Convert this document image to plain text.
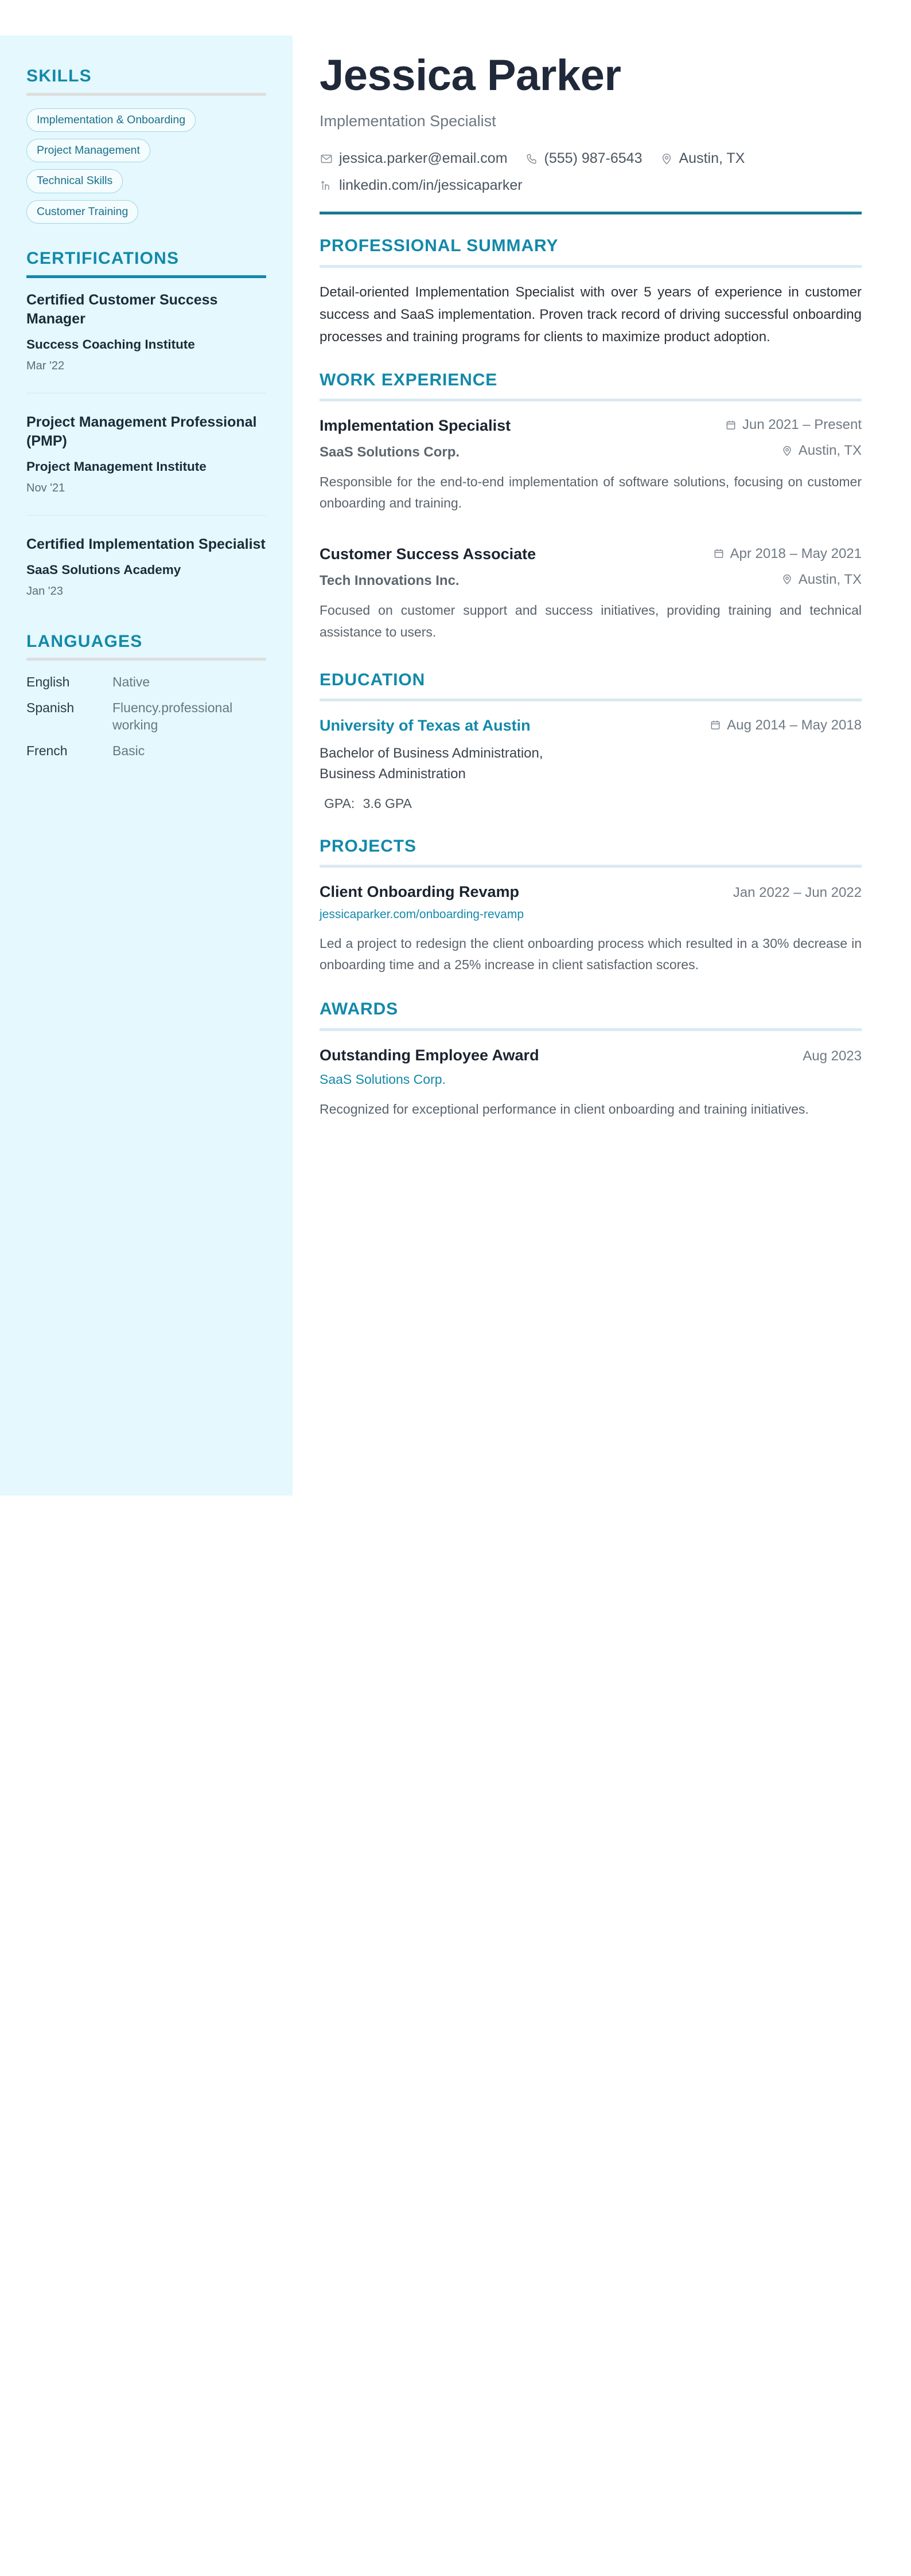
SKILLS
Implementation & Onboarding
Project Management
Technical Skills
Customer Training
CERTIFICATIONS
Certified Customer Success Manager
Success Coaching Institute
Mar '22
Project Management Professional (PMP)
Project Management Institute
Nov '21
Certified Implementation Specialist
SaaS Solutions Academy
Jan '23
LANGUAGES
English	Native
Spanish	Fluency.professional working
French	Basic
Jessica Parker
Implementation Specialist
jessica.parker@email.com	(555) 987-6543	Austin, TX
linkedin.com/in/jessicaparker
PROFESSIONAL SUMMARY

Detail-oriented Implementation Specialist with over 5 years of experience in customer success and SaaS implementation. Proven track record of driving successful onboarding processes and training programs for clients to maximize product adoption.

WORK EXPERIENCE
Implementation Specialist	Jun 2021 – Present
SaaS Solutions Corp.	Austin, TX

Responsible for the end-to-end implementation of software solutions, focusing on customer onboarding and training.

Customer Success Associate	Apr 2018 – May 2021
Tech Innovations Inc.	Austin, TX

Focused on customer support and success initiatives, providing training and technical assistance to users.

EDUCATION
University of Texas at Austin	Aug 2014 – May 2018
Bachelor of Business Administration, Business Administration
GPA: 3.6 GPA
PROJECTS
Client Onboarding Revamp	Jan 2022 – Jun 2022
jessicaparker.com/onboarding-revamp

Led a project to redesign the client onboarding process which resulted in a 30% decrease in onboarding time and a 25% increase in client satisfaction scores.

AWARDS
Outstanding Employee Award	Aug 2023
SaaS Solutions Corp.

Recognized for exceptional performance in client onboarding and training initiatives.
